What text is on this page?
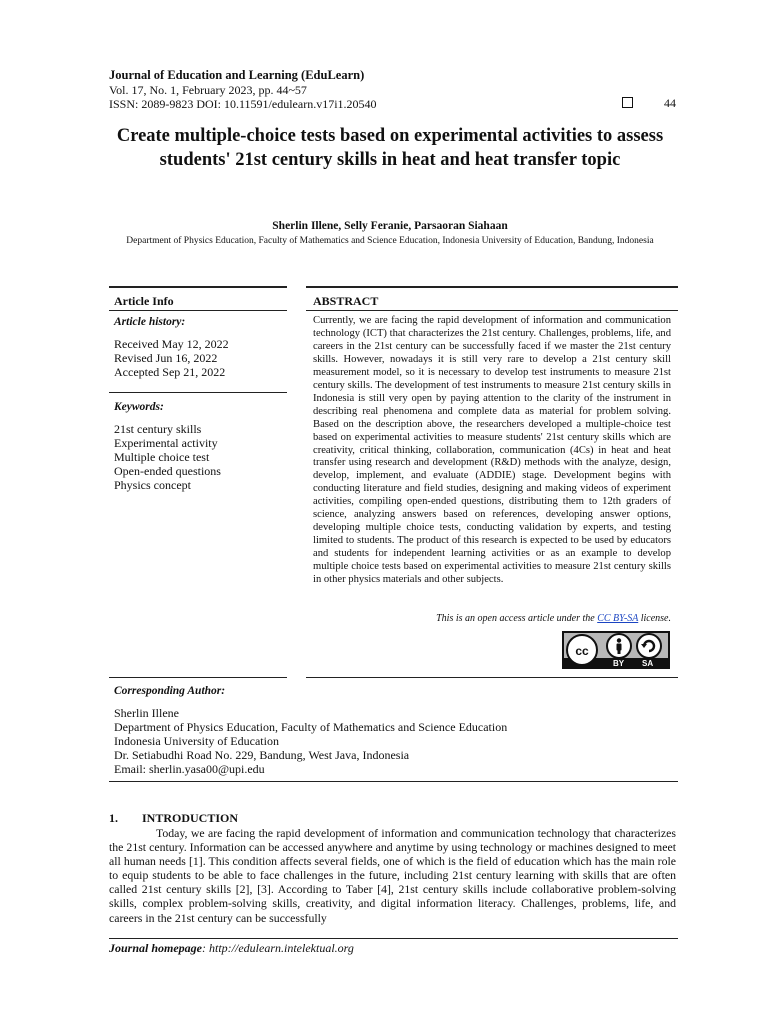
Journal of Education and Learning (EduLearn)
Vol. 17, No. 1, February 2023, pp. 44~57
ISSN: 2089-9823 DOI: 10.11591/edulearn.v17i1.20540	44
Create multiple-choice tests based on experimental activities to assess students' 21st century skills in heat and heat transfer topic
Sherlin Illene, Selly Feranie, Parsaoran Siahaan
Department of Physics Education, Faculty of Mathematics and Science Education, Indonesia University of Education, Bandung, Indonesia
Article Info	ABSTRACT
Article history:
Received May 12, 2022
Revised Jun 16, 2022
Accepted Sep 21, 2022
Keywords:
21st century skills
Experimental activity
Multiple choice test
Open-ended questions
Physics concept
Currently, we are facing the rapid development of information and communication technology (ICT) that characterizes the 21st century. Challenges, problems, life, and careers in the 21st century can be successfully faced if we master the 21st century skills. However, nowadays it is still very rare to develop a 21st century skill measurement model, so it is necessary to develop test instruments to measure 21st century skills. The development of test instruments to measure 21st century skills in Indonesia is still very open by paying attention to the clarity of the instrument in describing real phenomena and complete data as material for problem solving. Based on the description above, the researchers developed a multiple-choice test based on experimental activities to measure students' 21st century skills which are creativity, critical thinking, collaboration, communication (4Cs) in heat and heat transfer using research and development (R&D) methods with the analyze, design, develop, implement, and evaluate (ADDIE) stage. Development begins with conducting literature and field studies, designing and making videos of experiment activities, compiling open-ended questions, distributing them to 12th graders of science, analyzing answers based on references, developing answer options, developing multiple choice tests, conducting validation by experts, and testing limited to students. The product of this research is expected to be used by educators and students for independent learning activities or as an example to develop multiple choice tests based on experimental activities to measure 21st century skills in other physics materials and other subjects.
This is an open access article under the CC BY-SA license.
cc
BY SA
Corresponding Author:
Sherlin Illene
Department of Physics Education, Faculty of Mathematics and Science Education
Indonesia University of Education
Dr. Setiabudhi Road No. 229, Bandung, West Java, Indonesia
Email: sherlin.yasa00@upi.edu
1.        INTRODUCTION
Today, we are facing the rapid development of information and communication technology that characterizes the 21st century. Information can be accessed anywhere and anytime by using technology or machines designed to meet all human needs [1]. This condition affects several fields, one of which is the field of education which has the main role to equip students to be able to face challenges in the future, including 21st century learning with skills that are often called 21st century skills [2], [3]. According to Taber [4], 21st century skills include collaborative problem-solving skills, complex problem-solving skills, creativity, and digital information literacy. Challenges, problems, life, and careers in the 21st century can be successfully
Journal homepage: http://edulearn.intelektual.org
